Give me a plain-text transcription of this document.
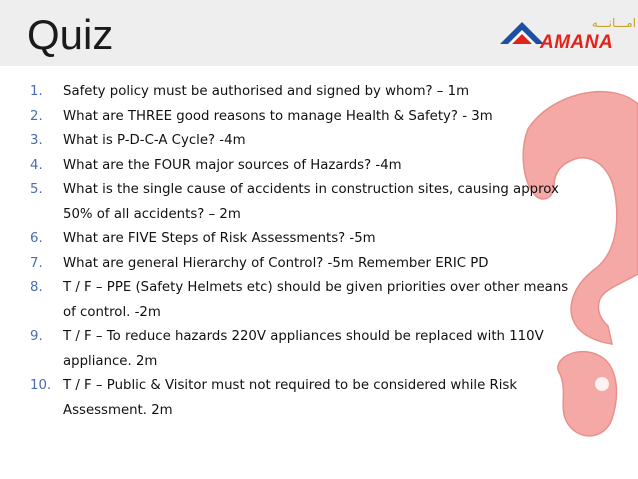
Quiz	امـــانـــه
AMANA
1. Safety policy must be authorised and signed by whom? – 1m
2. What are THREE good reasons to manage Health & Safety? - 3m
3. What is P-D-C-A Cycle? -4m
4. What are the FOUR major sources of Hazards? -4m
5. What is the single cause of accidents in construction sites, causing approx 50% of all accidents? – 2m
6. What are FIVE Steps of Risk Assessments? -5m
7. What are general Hierarchy of Control? -5m Remember ERIC PD
8. T / F – PPE (Safety Helmets etc) should be given priorities over other means of control. -2m
9. T / F – To reduce hazards 220V appliances should be replaced with 110V appliance. 2m
10. T / F – Public & Visitor must not required to be considered while Risk Assessment. 2m
